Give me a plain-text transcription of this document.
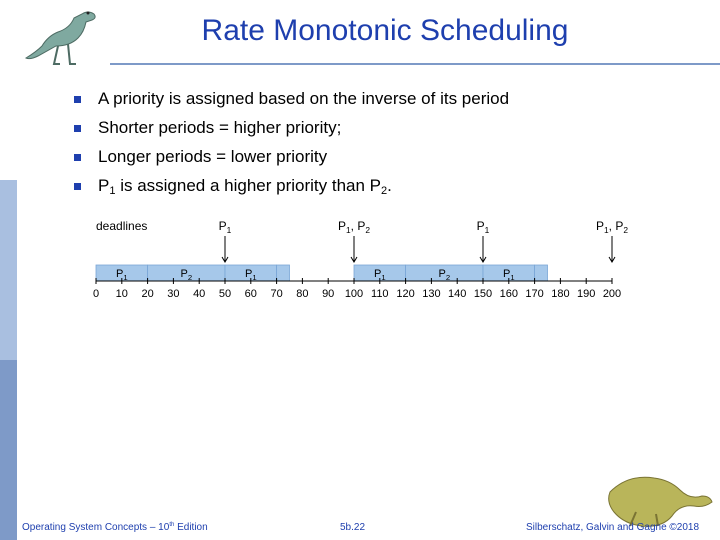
Rate Monotonic Scheduling
A priority is assigned based on the inverse of its period
Shorter periods = higher priority;
Longer periods = lower priority
$P_1$ is assigned a higher priority than $P_2$.
deadlines
$P_1$	$P_2$	$P_1$	$P_1$	$P_2$	$P_1$
0 10 20 30 40 50 60 70 80 90 100 110 120 130 140 150 160 170 180 190 200
$P_1$	$P_1$, $P_2$	$P_1$	$P_1$, $P_2$
Operating System Concepts – 10th Edition	5b.22	Silberschatz, Galvin and Gagne ©2018
